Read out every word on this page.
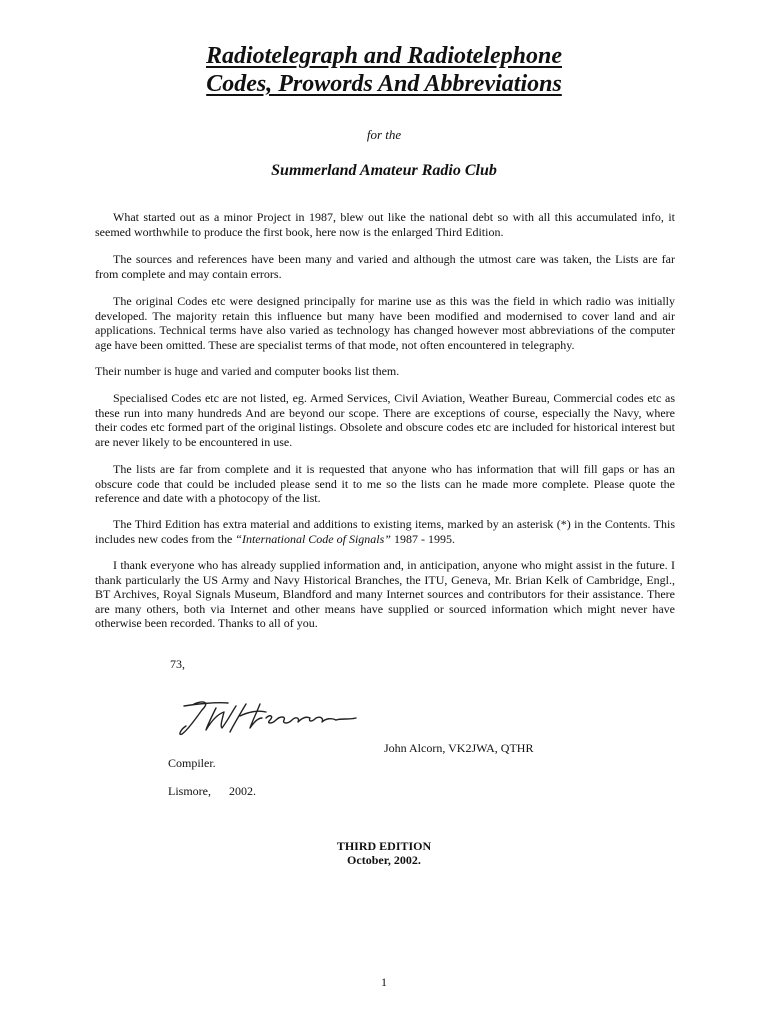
Radiotelegraph and Radiotelephone
Codes, Prowords And Abbreviations
for the
Summerland Amateur Radio Club

What started out as a minor Project in 1987, blew out like the national debt so with all this accumulated info, it seemed worthwhile to produce the first book, here now is the enlarged Third Edition.

The sources and references have been many and varied and although the utmost care was taken, the Lists are far from complete and may contain errors.

The original Codes etc were designed principally for marine use as this was the field in which radio was initially developed. The majority retain this influence but many have been modified and modernised to cover land and air applications. Technical terms have also varied as technology has changed however most abbreviations of the computer age have been omitted. These are specialist terms of that mode, not often encountered in telegraphy.

Their number is huge and varied and computer books list them.

Specialised Codes etc are not listed, eg. Armed Services, Civil Aviation, Weather Bureau, Commercial codes etc as these run into many hundreds And are beyond our scope. There are exceptions of course, especially the Navy, where their codes etc formed part of the original listings. Obsolete and obscure codes etc are included for historical interest but are never likely to be encountered in use.

The lists are far from complete and it is requested that anyone who has information that will fill gaps or has an obscure code that could be included please send it to me so the lists can he made more complete. Please quote the reference and date with a photocopy of the list.

The Third Edition has extra material and additions to existing items, marked by an asterisk (*) in the Contents. This includes new codes from the “International Code of Signals” 1987 - 1995.

I thank everyone who has already supplied information and, in anticipation, anyone who might assist in the future. I thank particularly the US Army and Navy Historical Branches, the ITU, Geneva, Mr. Brian Kelk of Cambridge, Engl., BT Archives, Royal Signals Museum, Blandford and many Internet sources and contributors for their assistance. There are many others, both via Internet and other means have supplied or sourced information which might never have otherwise been recorded. Thanks to all of you.

73,
John Alcorn, VK2JWA, QTHR
Compiler.
Lismore,      2002.
THIRD EDITION
October, 2002.
1
